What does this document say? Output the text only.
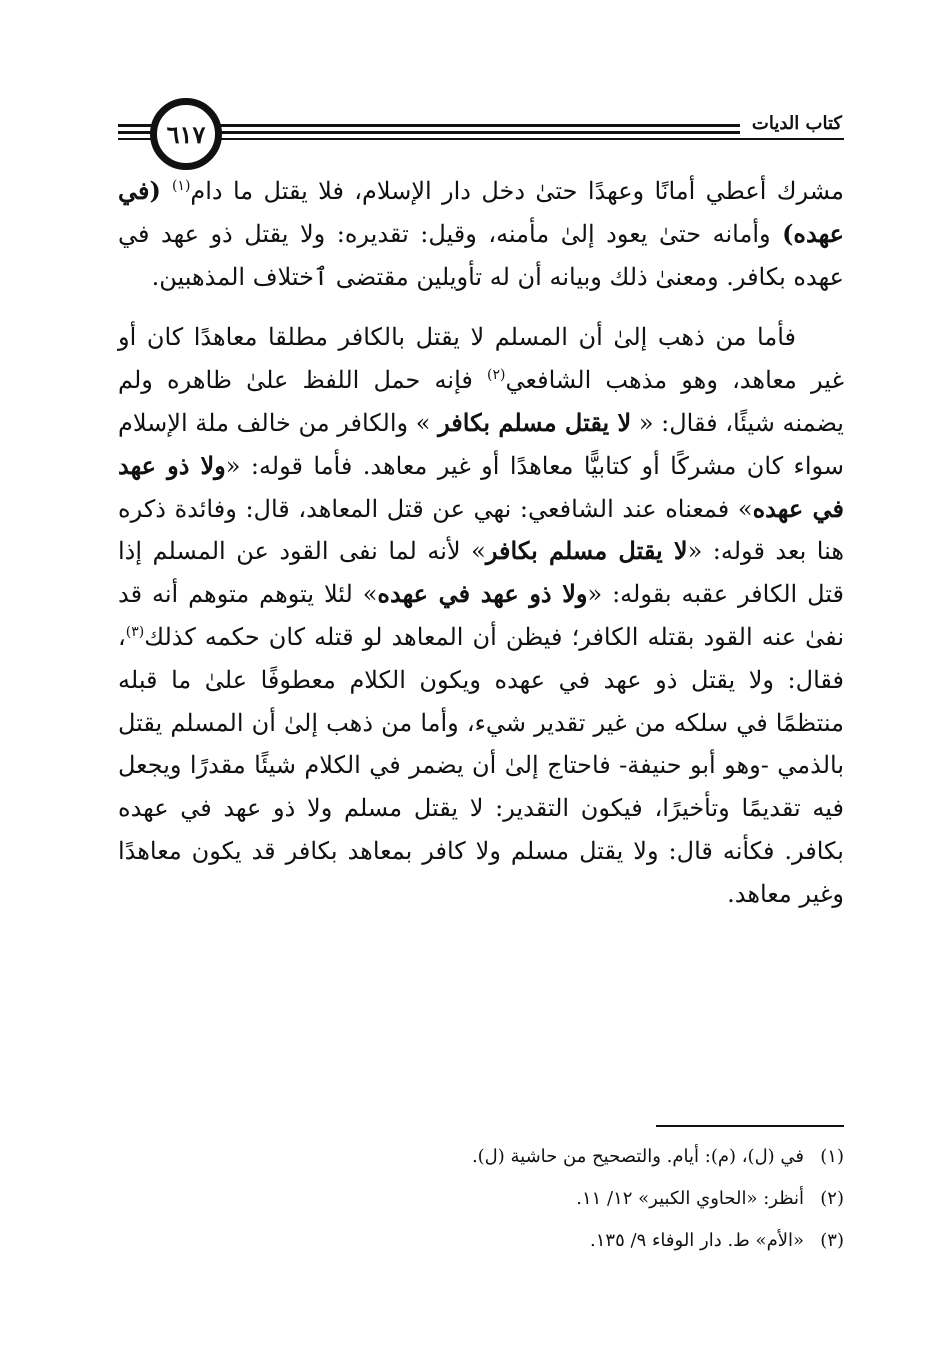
كتاب الديات
٦١٧

مشرك أعطي أمانًا وعهدًا حتىٰ دخل دار الإسلام، فلا يقتل ما دام$^{(١)}$ (في عهده) وأمانه حتىٰ يعود إلىٰ مأمنه، وقيل: تقديره: ولا يقتل ذو عهد في عهده بكافر. ومعنىٰ ذلك وبيانه أن له تأويلين مقتضى ٱختلاف المذهبين.

فأما من ذهب إلىٰ أن المسلم لا يقتل بالكافر مطلقا معاهدًا كان أو غير معاهد، وهو مذهب الشافعي$^{(٢)}$ فإنه حمل اللفظ علىٰ ظاهره ولم يضمنه شيئًا، فقال: « لا يقتل مسلم بكافر » والكافر من خالف ملة الإسلام سواء كان مشركًا أو كتابيًّا معاهدًا أو غير معاهد. فأما قوله: «ولا ذو عهد في عهده» فمعناه عند الشافعي: نهي عن قتل المعاهد، قال: وفائدة ذكره هنا بعد قوله: «لا يقتل مسلم بكافر» لأنه لما نفى القود عن المسلم إذا قتل الكافر عقبه بقوله: «ولا ذو عهد في عهده» لئلا يتوهم متوهم أنه قد نفىٰ عنه القود بقتله الكافر؛ فيظن أن المعاهد لو قتله كان حكمه كذلك$^{(٣)}$، فقال: ولا يقتل ذو عهد في عهده ويكون الكلام معطوفًا علىٰ ما قبله منتظمًا في سلكه من غير تقدير شيء، وأما من ذهب إلىٰ أن المسلم يقتل بالذمي -وهو أبو حنيفة- فاحتاج إلىٰ أن يضمر في الكلام شيئًا مقدرًا ويجعل فيه تقديمًا وتأخيرًا، فيكون التقدير: لا يقتل مسلم ولا ذو عهد في عهده بكافر. فكأنه قال: ولا يقتل مسلم ولا كافر بمعاهد بكافر قد يكون معاهدًا وغير معاهد.

(١)
في (ل)، (م): أيام. والتصحيح من حاشية (ل).
(٢)
أنظر: «الحاوي الكبير» ١٢/ ١١.
(٣)
«الأم» ط. دار الوفاء ٩/ ١٣٥.
